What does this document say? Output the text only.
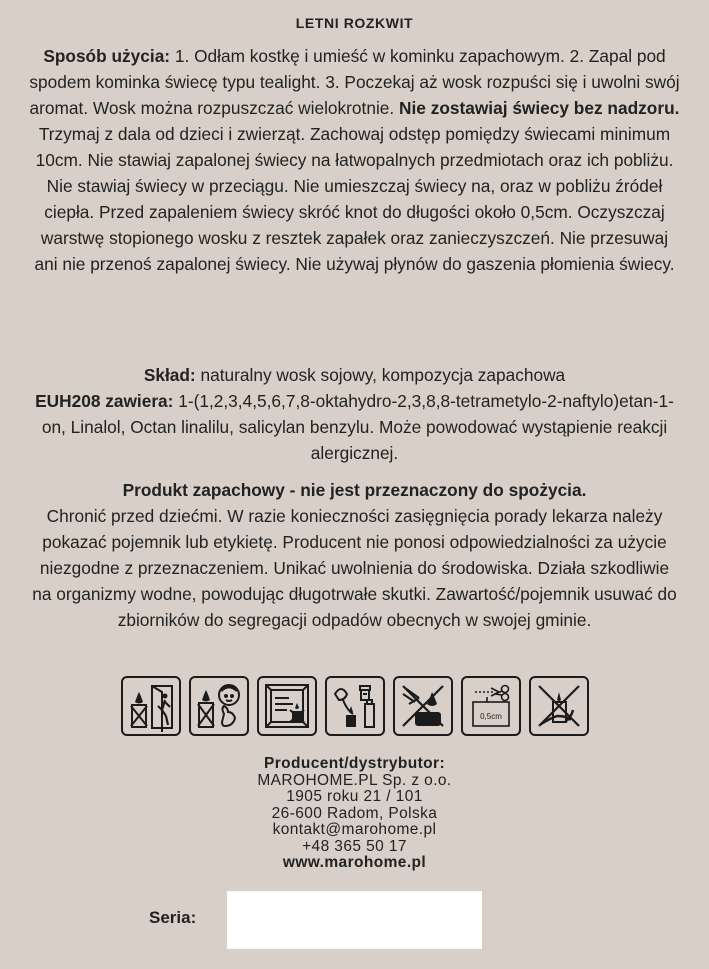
LETNI ROZKWIT
Sposób użycia: 1. Odłam kostkę i umieść w kominku zapachowym. 2. Zapal pod spodem kominka świecę typu tealight. 3. Poczekaj aż wosk rozpuści się i uwolni swój aromat. Wosk można rozpuszczać wielokrotnie. Nie zostawiaj świecy bez nadzoru.
Trzymaj z dala od dzieci i zwierząt. Zachowaj odstęp pomiędzy świecami minimum 10cm. Nie stawiaj zapalonej świecy na łatwopalnych przedmiotach oraz ich pobliżu. Nie stawiaj świecy w przeciągu. Nie umieszczaj świecy na, oraz w pobliżu źródeł ciepła. Przed zapaleniem świecy skróć knot do długości około 0,5cm. Oczyszczaj warstwę stopionego wosku z resztek zapałek oraz zanieczyszczeń. Nie przesuwaj ani nie przenoś zapalonej świecy. Nie używaj płynów do gaszenia płomienia świecy.
Skład: naturalny wosk sojowy, kompozycja zapachowa
EUH208 zawiera: 1-(1,2,3,4,5,6,7,8-oktahydro-2,3,8,8-tetrametylo-2-naftylo)etan-1-on, Linalol, Octan linalilu, salicylan benzylu. Może powodować wystąpienie reakcji alergicznej.
Produkt zapachowy - nie jest przeznaczony do spożycia.
Chronić przed dziećmi. W razie konieczności zasięgnięcia porady lekarza należy pokazać pojemnik lub etykietę. Producent nie ponosi odpowiedzialności za użycie niezgodne z przeznaczeniem. Unikać uwolnienia do środowiska. Działa szkodliwie na organizmy wodne, powodując długotrwałe skutki. Zawartość/pojemnik usuwać do zbiorników do segregacji odpadów obecnych w swojej gminie.
0,5cm
Producent/dystrybutor:
MAROHOME.PL Sp. z o.o.
1905 roku 21 / 101
26-600 Radom, Polska
kontakt@marohome.pl
+48 365 50 17
www.marohome.pl
Seria:
